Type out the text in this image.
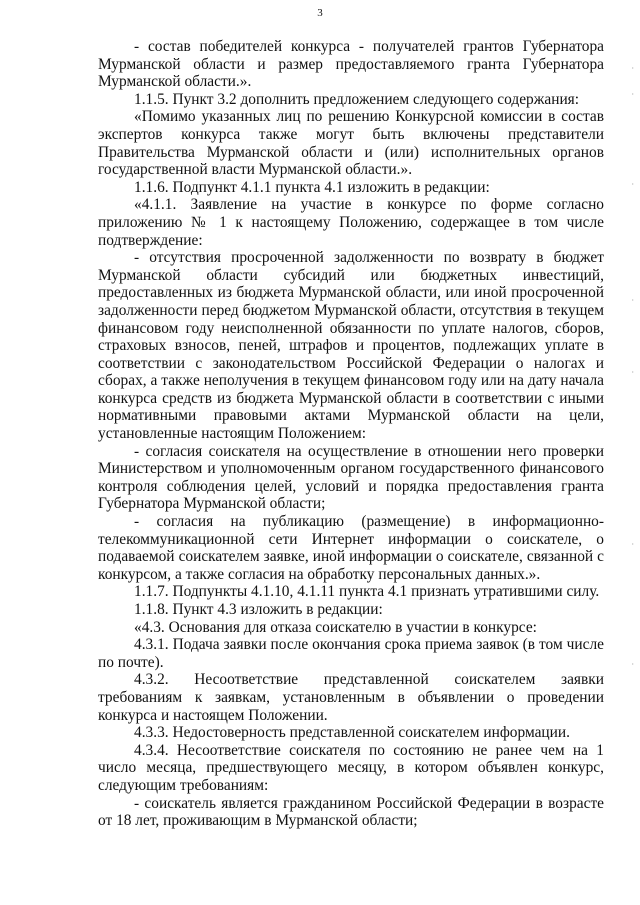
3

- состав победителей конкурса - получателей грантов Губернатора Мурманской области и размер предоставляемого гранта Губернатора Мурманской области.».

1.1.5. Пункт 3.2 дополнить предложением следующего содержания:

«Помимо указанных лиц по решению Конкурсной комиссии в состав экспертов конкурса также могут быть включены представители Правительства Мурманской области и (или) исполнительных органов государственной власти Мурманской области.».

1.1.6. Подпункт 4.1.1 пункта 4.1 изложить в редакции:

«4.1.1. Заявление на участие в конкурсе по форме согласно приложению № 1 к настоящему Положению, содержащее в том числе подтверждение:

- отсутствия просроченной задолженности по возврату в бюджет Мурманской области субсидий или бюджетных инвестиций, предоставленных из бюджета Мурманской области, или иной просроченной задолженности перед бюджетом Мурманской области, отсутствия в текущем финансовом году неисполненной обязанности по уплате налогов, сборов, страховых взносов, пеней, штрафов и процентов, подлежащих уплате в соответствии с законодательством Российской Федерации о налогах и сборах, а также неполучения в текущем финансовом году или на дату начала конкурса средств из бюджета Мурманской области в соответствии с иными нормативными правовыми актами Мурманской области на цели, установленные настоящим Положением:

- согласия соискателя на осуществление в отношении него проверки Министерством и уполномоченным органом государственного финансового контроля соблюдения целей, условий и порядка предоставления гранта Губернатора Мурманской области;

- согласия на публикацию (размещение) в информационно-телекоммуникационной сети Интернет информации о соискателе, о подаваемой соискателем заявке, иной информации о соискателе, связанной с конкурсом, а также согласия на обработку персональных данных.».

1.1.7. Подпункты 4.1.10, 4.1.11 пункта 4.1 признать утратившими силу.

1.1.8. Пункт 4.3 изложить в редакции:

«4.3. Основания для отказа соискателю в участии в конкурсе:

4.3.1. Подача заявки после окончания срока приема заявок (в том числе по почте).

4.3.2. Несоответствие представленной соискателем заявки требованиям к заявкам, установленным в объявлении о проведении конкурса и настоящем Положении.

4.3.3. Недостоверность представленной соискателем информации.

4.3.4. Несоответствие соискателя по состоянию не ранее чем на 1 число месяца, предшествующего месяцу, в котором объявлен конкурс, следующим требованиям:

- соискатель является гражданином Российской Федерации в возрасте от 18 лет, проживающим в Мурманской области;

·
·
·
·
·
·
·
